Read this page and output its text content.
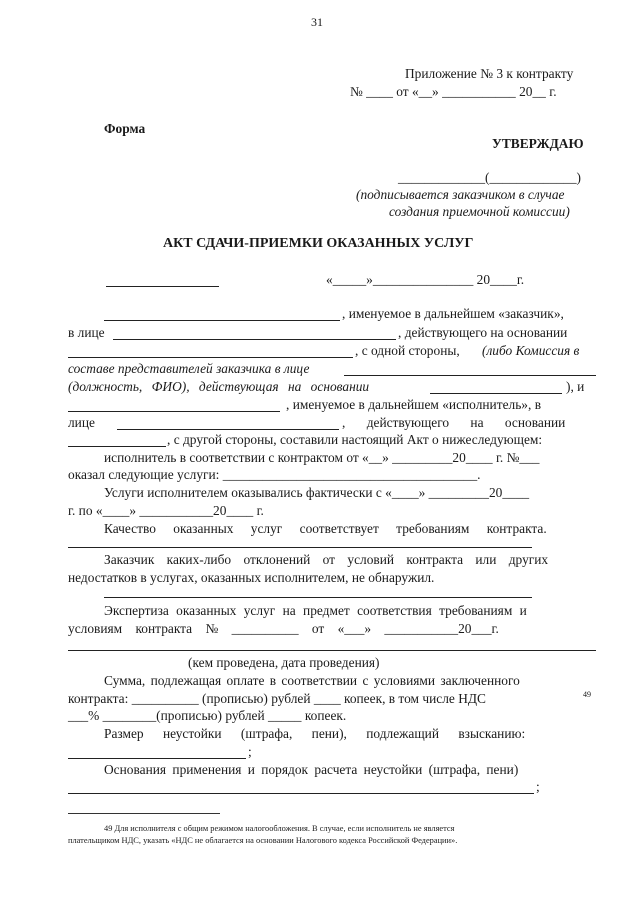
31
Приложение № 3 к контракту
№ ____ от «__» ___________ 20__ г.
Форма
УТВЕРЖДАЮ
_____________(_____________)
(подписывается заказчиком в случае
создания приемочной комиссии)
АКТ СДАЧИ-ПРИЕМКИ ОКАЗАННЫХ УСЛУГ
«_____»_______________ 20____г.
, именуемое в дальнейшем «заказчик»,
в лице	, действующего на основании
, с одной стороны, (либо Комиссия в
составе представителей заказчика в лице
(должность, ФИО), действующая на основании	), и
, именуемое в дальнейшем «исполнитель», в
лице	, действующего на основании
, с другой стороны, составили настоящий Акт о нижеследующем:
исполнитель в соответствии с контрактом от «__» _________20____ г. №___
оказал следующие услуги: ______________________________________.
Услуги исполнителем оказывались фактически с «____» _________20____
г. по «____» ___________20____ г.
Качество оказанных услуг соответствует требованиям контракта.
Заказчик каких-либо отклонений от условий контракта или других
недостатков в услугах, оказанных исполнителем, не обнаружил.
Экспертиза оказанных услуг на предмет соответствия требованиям и
условиям контракта № __________ от «___» ___________20___г.
(кем проведена, дата проведения)
Сумма, подлежащая оплате в соответствии с условиями заключенного
контракта: __________ (прописью) рублей ____ копеек, в том числе НДС	49
___% ________(прописью) рублей _____ копеек.
Размер неустойки (штрафа, пени), подлежащий взысканию:
;
Основания применения и порядок расчета неустойки (штрафа, пени)
;
49 Для исполнителя с общим режимом налогообложения. В случае, если исполнитель не является
плательщиком НДС, указать «НДС не облагается на основании Налогового кодекса Российской Федерации».
